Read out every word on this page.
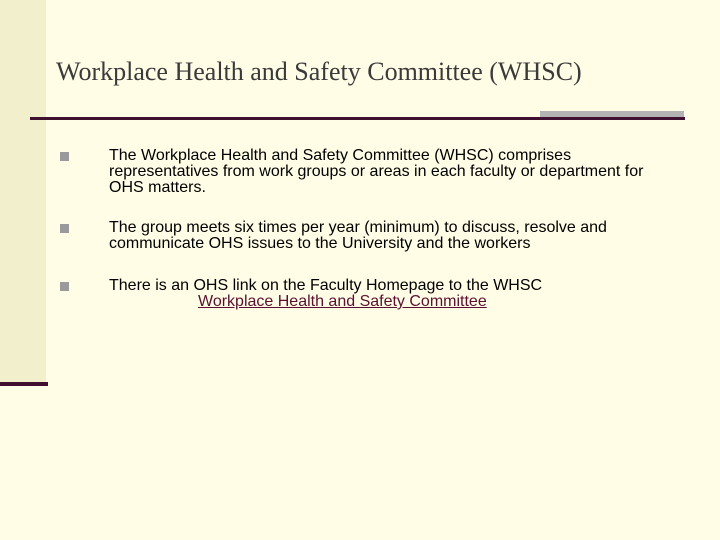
Workplace Health and Safety Committee (WHSC)
The Workplace Health and Safety Committee (WHSC) comprises representatives from work groups or areas in each faculty or department for OHS matters.
The group meets six times per year (minimum) to discuss, resolve and communicate OHS issues to the University and the workers
There is an OHS link on the Faculty Homepage to the WHSC
Workplace Health and Safety Committee
